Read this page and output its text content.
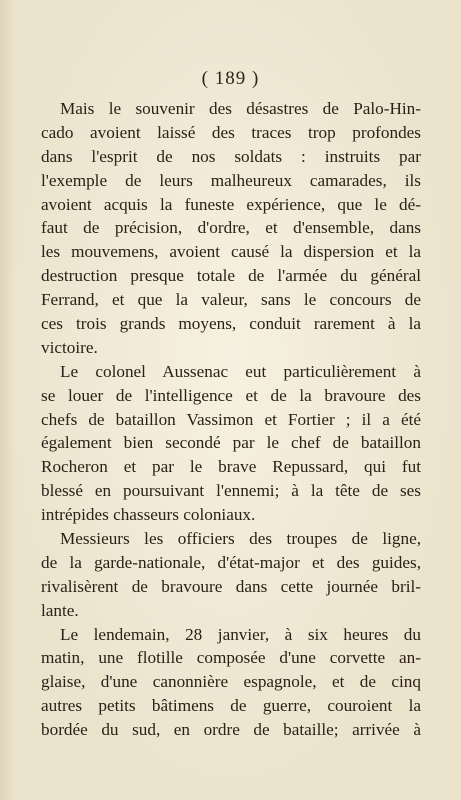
( 189 )
Mais le souvenir des désastres de Palo-Hin-
cado avoient laissé des traces trop profondes
dans l'esprit de nos soldats : instruits par
l'exemple de leurs malheureux camarades, ils
avoient acquis la funeste expérience, que le dé-
faut de précision, d'ordre, et d'ensemble, dans
les mouvemens, avoient causé la dispersion et la
destruction presque totale de l'armée du général
Ferrand, et que la valeur, sans le concours de
ces trois grands moyens, conduit rarement à la
victoire.
Le colonel Aussenac eut particulièrement à
se louer de l'intelligence et de la bravoure des
chefs de bataillon Vassimon et Fortier ; il a été
également bien secondé par le chef de bataillon
Rocheron et par le brave Repussard, qui fut
blessé en poursuivant l'ennemi; à la tête de ses
intrépides chasseurs coloniaux.
Messieurs les officiers des troupes de ligne,
de la garde-nationale, d'état-major et des guides,
rivalisèrent de bravoure dans cette journée bril-
lante.
Le lendemain, 28 janvier, à six heures du
matin, une flotille composée d'une corvette an-
glaise, d'une canonnière espagnole, et de cinq
autres petits bâtimens de guerre, couroient la
bordée du sud, en ordre de bataille; arrivée à
